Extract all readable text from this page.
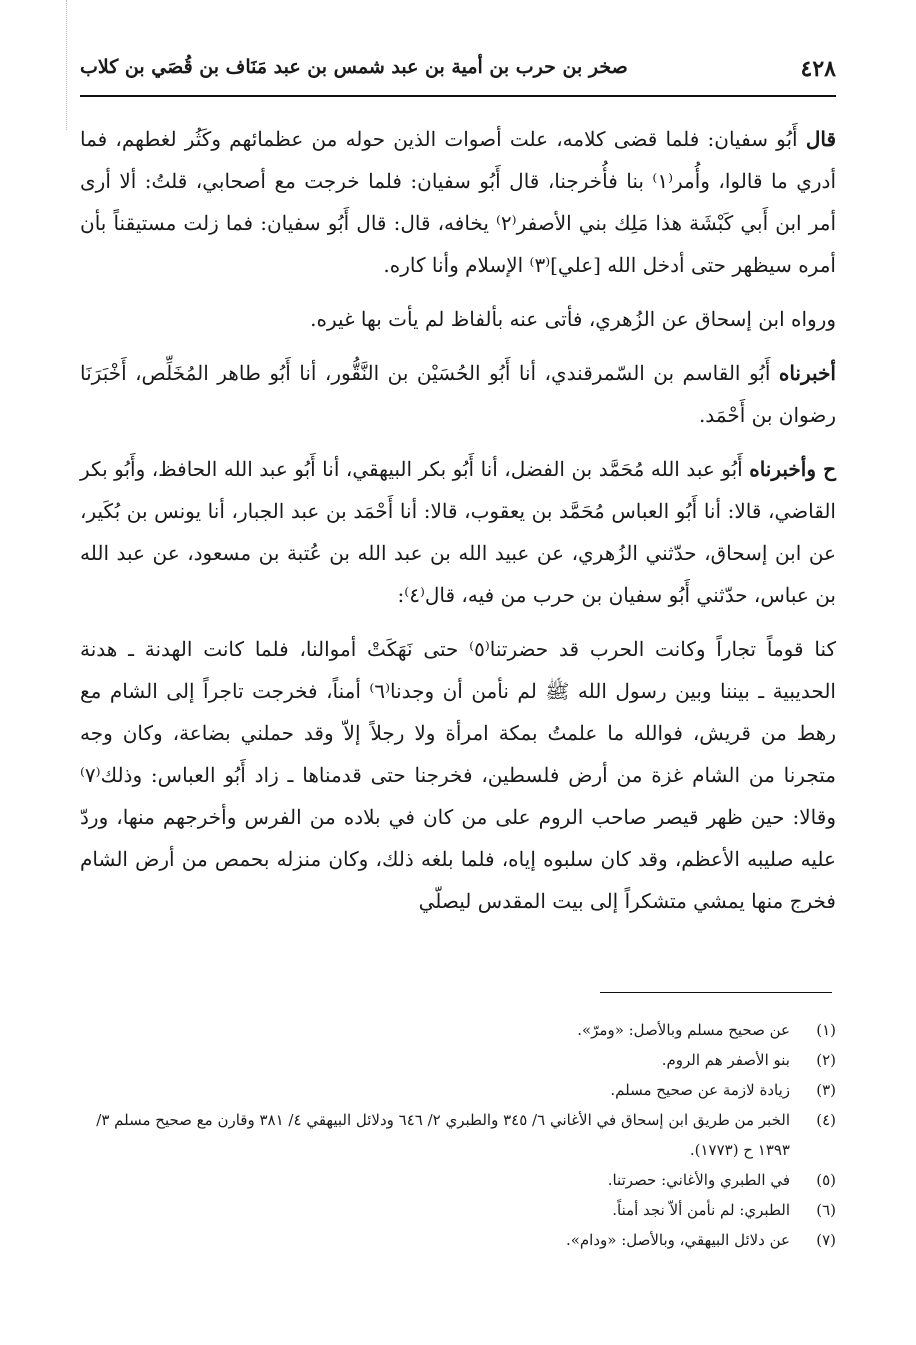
٤٢٨
صخر بن حرب بن أمية بن عبد شمس بن عبد مَنَاف بن قُصَي بن كلاب

قال أَبُو سفيان: فلما قضى كلامه، علت أصوات الذين حوله من عظمائهم وكَثُر لغطهم، فما أدري ما قالوا، وأُمر⁽١⁾ بنا فأُخرجنا، قال أَبُو سفيان: فلما خرجت مع أصحابي، قلتُ: ألا أرى أمر ابن أَبي كَبْشَة هذا مَلِك بني الأصفر⁽٢⁾ يخافه، قال: قال أَبُو سفيان: فما زلت مستيقناً بأن أمره سيظهر حتى أدخل الله [علي]⁽٣⁾ الإسلام وأنا كاره.

ورواه ابن إسحاق عن الزُهري، فأتى عنه بألفاظ لم يأت بها غيره.

أخبرناه أَبُو القاسم بن السّمرقندي، أنا أَبُو الحُسَيْن بن النَّقُّور، أنا أَبُو طاهر المُخَلِّص، أَخْبَرَنَا رضوان بن أَحْمَد.

ح وأخبرناه أَبُو عبد الله مُحَمَّد بن الفضل، أنا أَبُو بكر البيهقي، أنا أَبُو عبد الله الحافظ، وأَبُو بكر القاضي، قالا: أنا أَبُو العباس مُحَمَّد بن يعقوب، قالا: أنا أَحْمَد بن عبد الجبار، أنا يونس بن بُكَير، عن ابن إسحاق، حدّثني الزُهري، عن عبيد الله بن عبد الله بن عُتبة بن مسعود، عن عبد الله بن عباس، حدّثني أَبُو سفيان بن حرب من فيه، قال⁽٤⁾:

كنا قوماً تجاراً وكانت الحرب قد حضرتنا⁽٥⁾ حتى نَهَكَتْ أموالنا، فلما كانت الهدنة ـ هدنة الحديبية ـ بيننا وبين رسول الله ﷺ لم نأمن أن وجدنا⁽٦⁾ أمناً، فخرجت تاجراً إلى الشام مع رهط من قريش، فوالله ما علمتُ بمكة امرأة ولا رجلاً إلاّ وقد حملني بضاعة، وكان وجه متجرنا من الشام غزة من أرض فلسطين، فخرجنا حتى قدمناها ـ زاد أَبُو العباس: وذلك⁽٧⁾ وقالا: حين ظهر قيصر صاحب الروم على من كان في بلاده من الفرس وأخرجهم منها، وردّ عليه صليبه الأعظم، وقد كان سلبوه إياه، فلما بلغه ذلك، وكان منزله بحمص من أرض الشام فخرج منها يمشي متشكراً إلى بيت المقدس ليصلّي

(١)
عن صحيح مسلم وبالأصل: «ومرّ».
(٢)
بنو الأصفر هم الروم.
(٣)
زيادة لازمة عن صحيح مسلم.
(٤)
الخبر من طريق ابن إسحاق في الأغاني ٦/ ٣٤٥ والطبري ٢/ ٦٤٦ ودلائل البيهقي ٤/ ٣٨١ وقارن مع صحيح مسلم ٣/ ١٣٩٣ ح (١٧٧٣).
(٥)
في الطبري والأغاني: حصرتنا.
(٦)
الطبري: لم نأمن ألاّ نجد أمناً.
(٧)
عن دلائل البيهقي، وبالأصل: «ودام».
